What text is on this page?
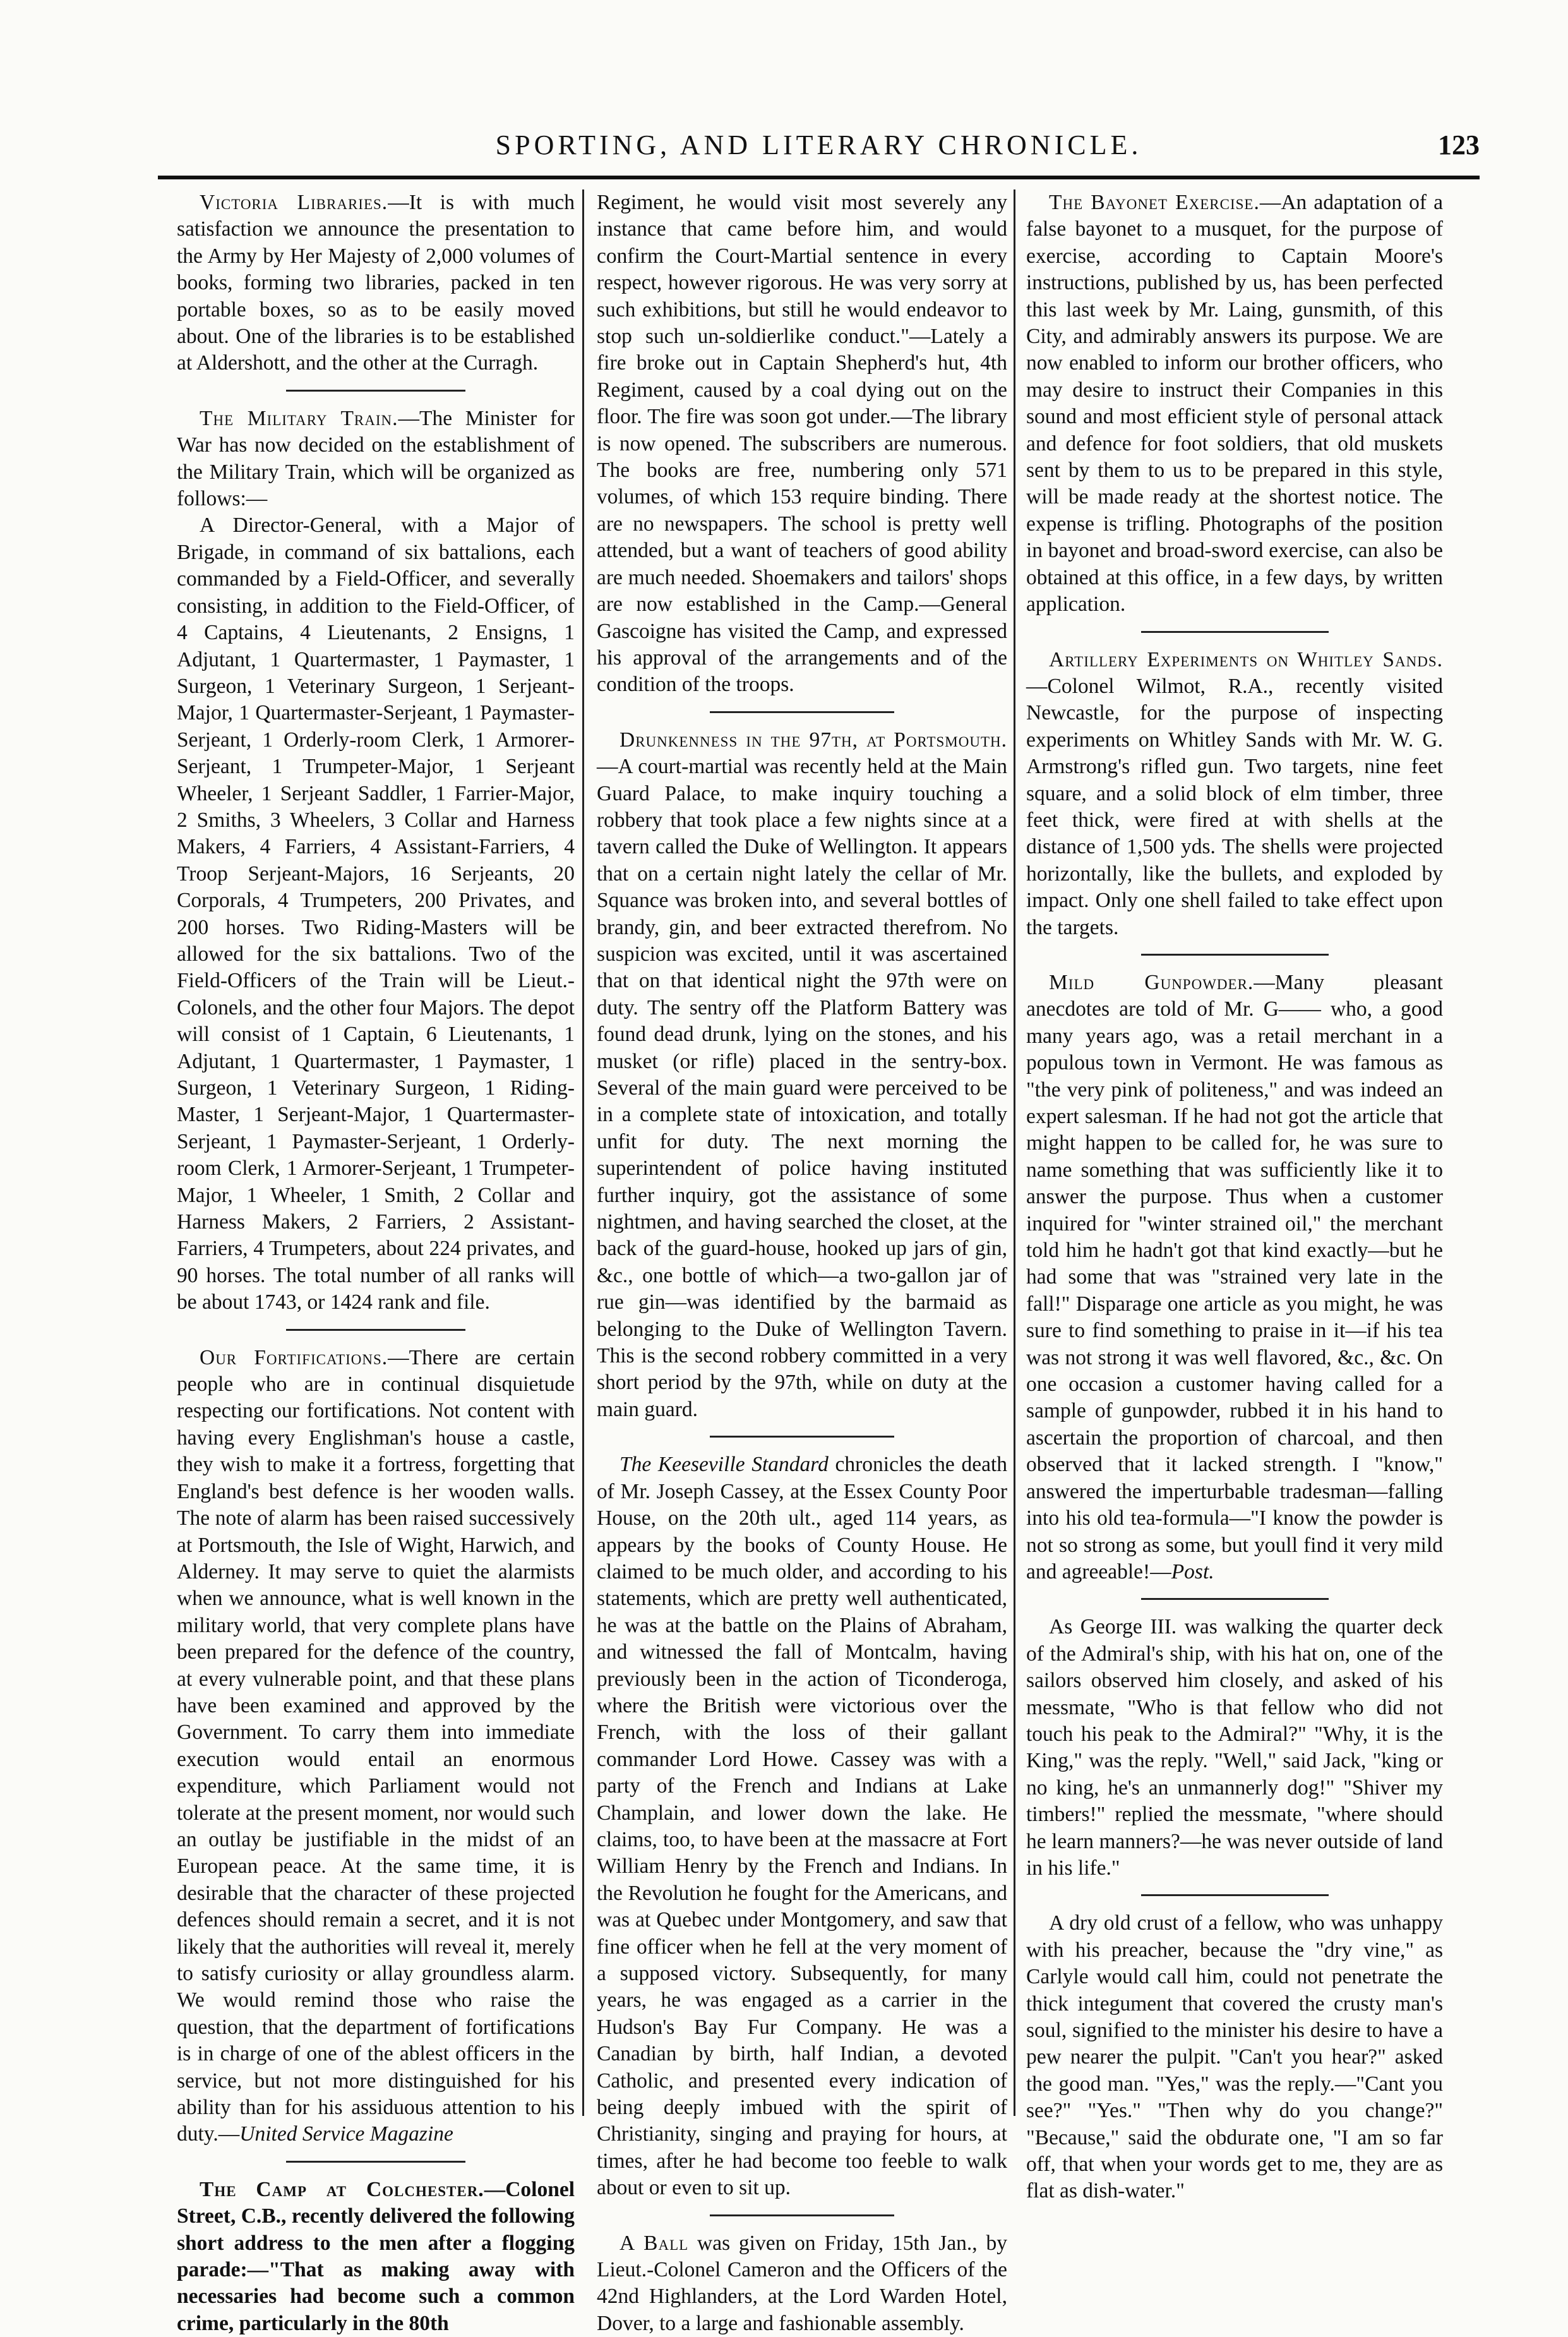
SPORTING, AND LITERARY CHRONICLE.	123

Victoria Libraries.—It is with much satisfaction we announce the presentation to the Army by Her Majesty of 2,000 volumes of books, forming two libraries, packed in ten portable boxes, so as to be easily moved about. One of the libraries is to be established at Aldershott, and the other at the Curragh.

The Military Train.—The Minister for War has now decided on the establishment of the Military Train, which will be organized as follows:—

A Director-General, with a Major of Brigade, in command of six battalions, each commanded by a Field-Officer, and severally consisting, in addition to the Field-Officer, of 4 Captains, 4 Lieutenants, 2 Ensigns, 1 Adjutant, 1 Quartermaster, 1 Paymaster, 1 Surgeon, 1 Veterinary Surgeon, 1 Serjeant-Major, 1 Quartermaster-Serjeant, 1 Paymaster-Serjeant, 1 Orderly-room Clerk, 1 Armorer-Serjeant, 1 Trumpeter-Major, 1 Serjeant Wheeler, 1 Serjeant Saddler, 1 Farrier-Major, 2 Smiths, 3 Wheelers, 3 Collar and Harness Makers, 4 Farriers, 4 Assistant-Farriers, 4 Troop Serjeant-Majors, 16 Serjeants, 20 Corporals, 4 Trumpeters, 200 Privates, and 200 horses. Two Riding-Masters will be allowed for the six battalions. Two of the Field-Officers of the Train will be Lieut.-Colonels, and the other four Majors. The depot will consist of 1 Captain, 6 Lieutenants, 1 Adjutant, 1 Quartermaster, 1 Paymaster, 1 Surgeon, 1 Veterinary Surgeon, 1 Riding-Master, 1 Serjeant-Major, 1 Quartermaster-Serjeant, 1 Paymaster-Serjeant, 1 Orderly-room Clerk, 1 Armorer-Serjeant, 1 Trumpeter-Major, 1 Wheeler, 1 Smith, 2 Collar and Harness Makers, 2 Farriers, 2 Assistant-Farriers, 4 Trumpeters, about 224 privates, and 90 horses. The total number of all ranks will be about 1743, or 1424 rank and file.

Our Fortifications.—There are certain people who are in continual disquietude respecting our fortifications. Not content with having every Englishman's house a castle, they wish to make it a fortress, forgetting that England's best defence is her wooden walls. The note of alarm has been raised successively at Portsmouth, the Isle of Wight, Harwich, and Alderney. It may serve to quiet the alarmists when we announce, what is well known in the military world, that very complete plans have been prepared for the defence of the country, at every vulnerable point, and that these plans have been examined and approved by the Government. To carry them into immediate execution would entail an enormous expenditure, which Parliament would not tolerate at the present moment, nor would such an outlay be justifiable in the midst of an European peace. At the same time, it is desirable that the character of these projected defences should remain a secret, and it is not likely that the authorities will reveal it, merely to satisfy curiosity or allay groundless alarm. We would remind those who raise the question, that the department of fortifications is in charge of one of the ablest officers in the service, but not more distinguished for his ability than for his assiduous attention to his duty.—United Service Magazine

The Camp at Colchester.—Colonel Street, C.B., recently delivered the following short address to the men after a flogging parade:—"That as making away with necessaries had become such a common crime, particularly in the 80th

Regiment, he would visit most severely any instance that came before him, and would confirm the Court-Martial sentence in every respect, however rigorous. He was very sorry at such exhibitions, but still he would endeavor to stop such un-soldierlike conduct."—Lately a fire broke out in Captain Shepherd's hut, 4th Regiment, caused by a coal dying out on the floor. The fire was soon got under.—The library is now opened. The subscribers are numerous. The books are free, numbering only 571 volumes, of which 153 require binding. There are no newspapers. The school is pretty well attended, but a want of teachers of good ability are much needed. Shoemakers and tailors' shops are now established in the Camp.—General Gascoigne has visited the Camp, and expressed his approval of the arrangements and of the condition of the troops.

Drunkenness in the 97th, at Portsmouth.—A court-martial was recently held at the Main Guard Palace, to make inquiry touching a robbery that took place a few nights since at a tavern called the Duke of Wellington. It appears that on a certain night lately the cellar of Mr. Squance was broken into, and several bottles of brandy, gin, and beer extracted therefrom. No suspicion was excited, until it was ascertained that on that identical night the 97th were on duty. The sentry off the Platform Battery was found dead drunk, lying on the stones, and his musket (or rifle) placed in the sentry-box. Several of the main guard were perceived to be in a complete state of intoxication, and totally unfit for duty. The next morning the superintendent of police having instituted further inquiry, got the assistance of some nightmen, and having searched the closet, at the back of the guard-house, hooked up jars of gin, &c., one bottle of which—a two-gallon jar of rue gin—was identified by the barmaid as belonging to the Duke of Wellington Tavern. This is the second robbery committed in a very short period by the 97th, while on duty at the main guard.

The Keeseville Standard chronicles the death of Mr. Joseph Cassey, at the Essex County Poor House, on the 20th ult., aged 114 years, as appears by the books of County House. He claimed to be much older, and according to his statements, which are pretty well authenticated, he was at the battle on the Plains of Abraham, and witnessed the fall of Montcalm, having previously been in the action of Ticonderoga, where the British were victorious over the French, with the loss of their gallant commander Lord Howe. Cassey was with a party of the French and Indians at Lake Champlain, and lower down the lake. He claims, too, to have been at the massacre at Fort William Henry by the French and Indians. In the Revolution he fought for the Americans, and was at Quebec under Montgomery, and saw that fine officer when he fell at the very moment of a supposed victory. Subsequently, for many years, he was engaged as a carrier in the Hudson's Bay Fur Company. He was a Canadian by birth, half Indian, a devoted Catholic, and presented every indication of being deeply imbued with the spirit of Christianity, singing and praying for hours, at times, after he had become too feeble to walk about or even to sit up.

A Ball was given on Friday, 15th Jan., by Lieut.-Colonel Cameron and the Officers of the 42nd Highlanders, at the Lord Warden Hotel, Dover, to a large and fashionable assembly.

The Bayonet Exercise.—An adaptation of a false bayonet to a musquet, for the purpose of exercise, according to Captain Moore's instructions, published by us, has been perfected this last week by Mr. Laing, gunsmith, of this City, and admirably answers its purpose. We are now enabled to inform our brother officers, who may desire to instruct their Companies in this sound and most efficient style of personal attack and defence for foot soldiers, that old muskets sent by them to us to be prepared in this style, will be made ready at the shortest notice. The expense is trifling. Photographs of the position in bayonet and broad-sword exercise, can also be obtained at this office, in a few days, by written application.

Artillery Experiments on Whitley Sands.—Colonel Wilmot, R.A., recently visited Newcastle, for the purpose of inspecting experiments on Whitley Sands with Mr. W. G. Armstrong's rifled gun. Two targets, nine feet square, and a solid block of elm timber, three feet thick, were fired at with shells at the distance of 1,500 yds. The shells were projected horizontally, like the bullets, and exploded by impact. Only one shell failed to take effect upon the targets.

Mild Gunpowder.—Many pleasant anecdotes are told of Mr. G—— who, a good many years ago, was a retail merchant in a populous town in Vermont. He was famous as "the very pink of politeness," and was indeed an expert salesman. If he had not got the article that might happen to be called for, he was sure to name something that was sufficiently like it to answer the purpose. Thus when a customer inquired for "winter strained oil," the merchant told him he hadn't got that kind exactly—but he had some that was "strained very late in the fall!" Disparage one article as you might, he was sure to find something to praise in it—if his tea was not strong it was well flavored, &c., &c. On one occasion a customer having called for a sample of gunpowder, rubbed it in his hand to ascertain the proportion of charcoal, and then observed that it lacked strength. I "know," answered the imperturbable tradesman—falling into his old tea-formula—"I know the powder is not so strong as some, but youll find it very mild and agreeable!—Post.

As George III. was walking the quarter deck of the Admiral's ship, with his hat on, one of the sailors observed him closely, and asked of his messmate, "Who is that fellow who did not touch his peak to the Admiral?" "Why, it is the King," was the reply. "Well," said Jack, "king or no king, he's an unmannerly dog!" "Shiver my timbers!" replied the messmate, "where should he learn manners?—he was never outside of land in his life."

A dry old crust of a fellow, who was unhappy with his preacher, because the "dry vine," as Carlyle would call him, could not penetrate the thick integument that covered the crusty man's soul, signified to the minister his desire to have a pew nearer the pulpit. "Can't you hear?" asked the good man. "Yes," was the reply.—"Cant you see?" "Yes." "Then why do you change?" "Because," said the obdurate one, "I am so far off, that when your words get to me, they are as flat as dish-water."
